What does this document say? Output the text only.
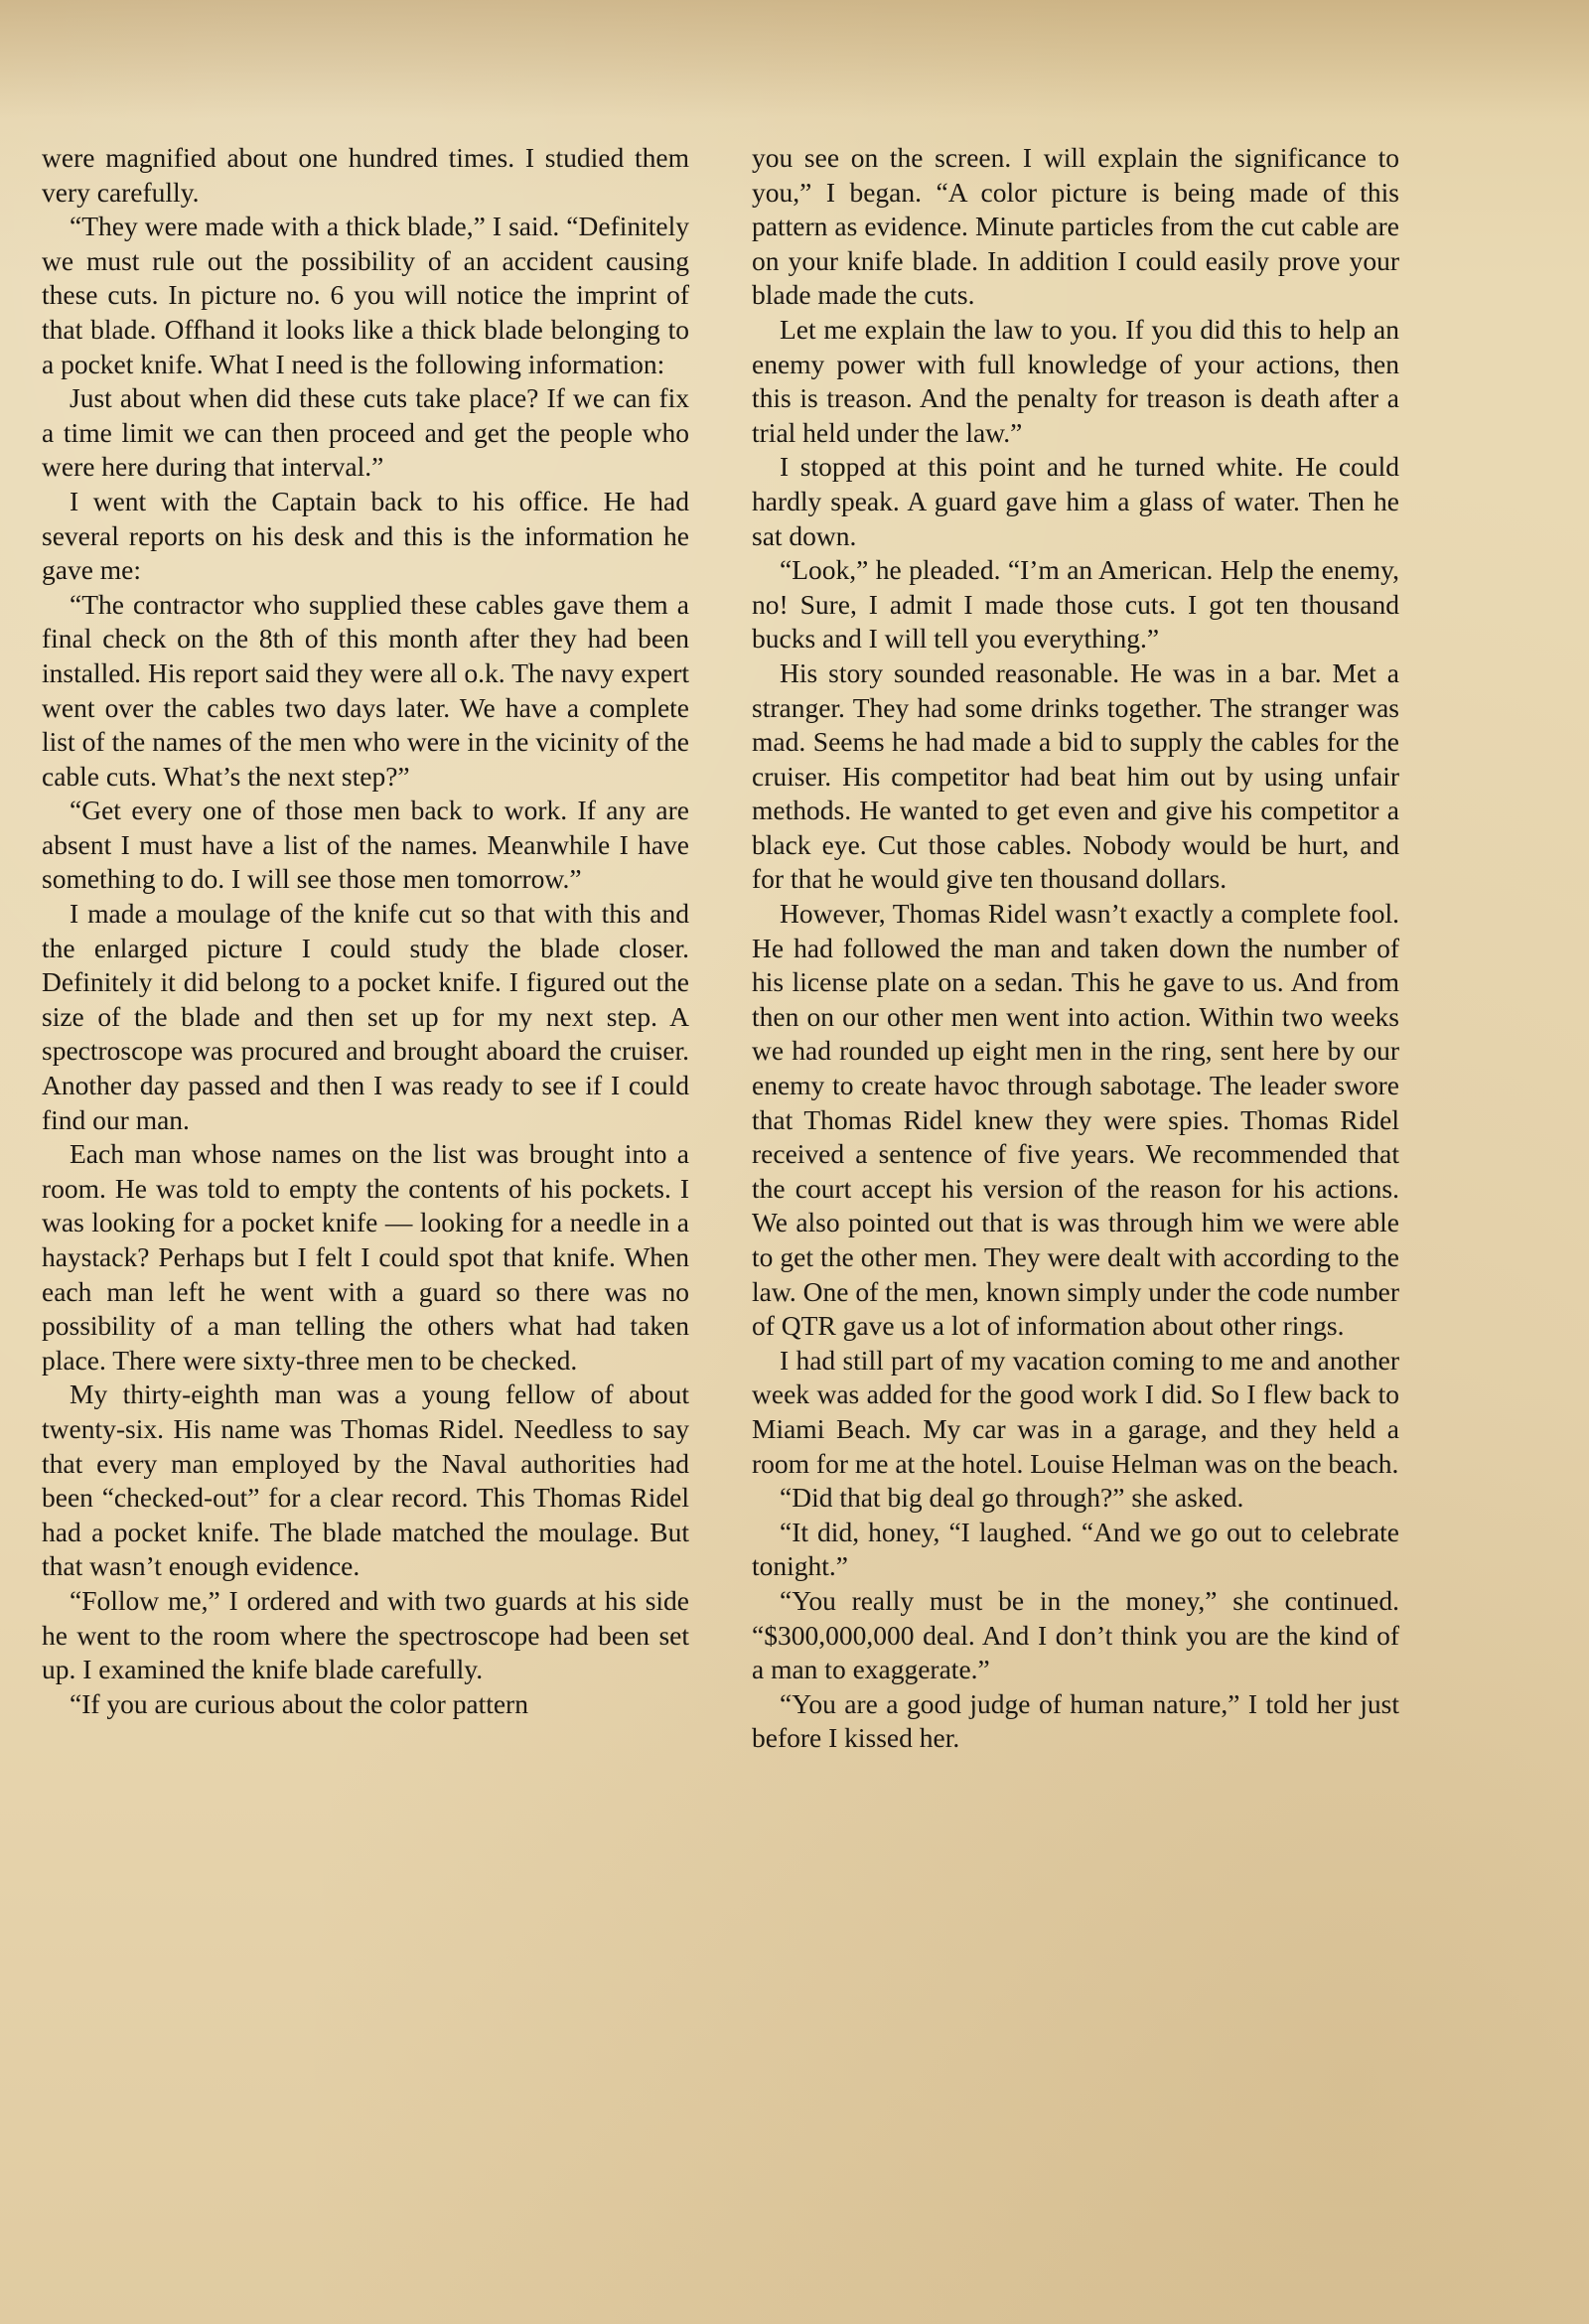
were magnified about one hundred times. I studied them very carefully.

“They were made with a thick blade,” I said. “Definitely we must rule out the possibility of an accident causing these cuts. In picture no. 6 you will notice the imprint of that blade. Offhand it looks like a thick blade belonging to a pocket knife. What I need is the following information:

Just about when did these cuts take place? If we can fix a time limit we can then proceed and get the people who were here during that interval.”

I went with the Captain back to his office. He had several reports on his desk and this is the information he gave me:

“The contractor who supplied these cables gave them a final check on the 8th of this month after they had been installed. His report said they were all o.k. The navy expert went over the cables two days later. We have a complete list of the names of the men who were in the vicinity of the cable cuts. What’s the next step?”

“Get every one of those men back to work. If any are absent I must have a list of the names. Meanwhile I have something to do. I will see those men tomorrow.”

I made a moulage of the knife cut so that with this and the enlarged picture I could study the blade closer. Definitely it did belong to a pocket knife. I figured out the size of the blade and then set up for my next step. A spectroscope was procured and brought aboard the cruiser. Another day passed and then I was ready to see if I could find our man.

Each man whose names on the list was brought into a room. He was told to empty the contents of his pockets. I was looking for a pocket knife — looking for a needle in a haystack? Perhaps but I felt I could spot that knife. When each man left he went with a guard so there was no possibility of a man telling the others what had taken place. There were sixty-three men to be checked.

My thirty-eighth man was a young fellow of about twenty-six. His name was Thomas Ridel. Needless to say that every man employed by the Naval authorities had been “checked-out” for a clear record. This Thomas Ridel had a pocket knife. The blade matched the moulage. But that wasn’t enough evidence.

“Follow me,” I ordered and with two guards at his side he went to the room where the spectroscope had been set up. I examined the knife blade carefully.

“If you are curious about the color pattern

you see on the screen. I will explain the significance to you,” I began. “A color picture is being made of this pattern as evidence. Minute particles from the cut cable are on your knife blade. In addition I could easily prove your blade made the cuts.

Let me explain the law to you. If you did this to help an enemy power with full knowledge of your actions, then this is treason. And the penalty for treason is death after a trial held under the law.”

I stopped at this point and he turned white. He could hardly speak. A guard gave him a glass of water. Then he sat down.

“Look,” he pleaded. “I’m an American. Help the enemy, no! Sure, I admit I made those cuts. I got ten thousand bucks and I will tell you everything.”

His story sounded reasonable. He was in a bar. Met a stranger. They had some drinks together. The stranger was mad. Seems he had made a bid to supply the cables for the cruiser. His competitor had beat him out by using unfair methods. He wanted to get even and give his competitor a black eye. Cut those cables. Nobody would be hurt, and for that he would give ten thousand dollars.

However, Thomas Ridel wasn’t exactly a complete fool. He had followed the man and taken down the number of his license plate on a sedan. This he gave to us. And from then on our other men went into action. Within two weeks we had rounded up eight men in the ring, sent here by our enemy to create havoc through sabotage. The leader swore that Thomas Ridel knew they were spies. Thomas Ridel received a sentence of five years. We recommended that the court accept his version of the reason for his actions. We also pointed out that is was through him we were able to get the other men. They were dealt with according to the law. One of the men, known simply under the code number of QTR gave us a lot of information about other rings.

I had still part of my vacation coming to me and another week was added for the good work I did. So I flew back to Miami Beach. My car was in a garage, and they held a room for me at the hotel. Louise Helman was on the beach.

“Did that big deal go through?” she asked.

“It did, honey, “I laughed. “And we go out to celebrate tonight.”

“You really must be in the money,” she continued. “$300,000,000 deal. And I don’t think you are the kind of a man to exaggerate.”

“You are a good judge of human nature,” I told her just before I kissed her.
